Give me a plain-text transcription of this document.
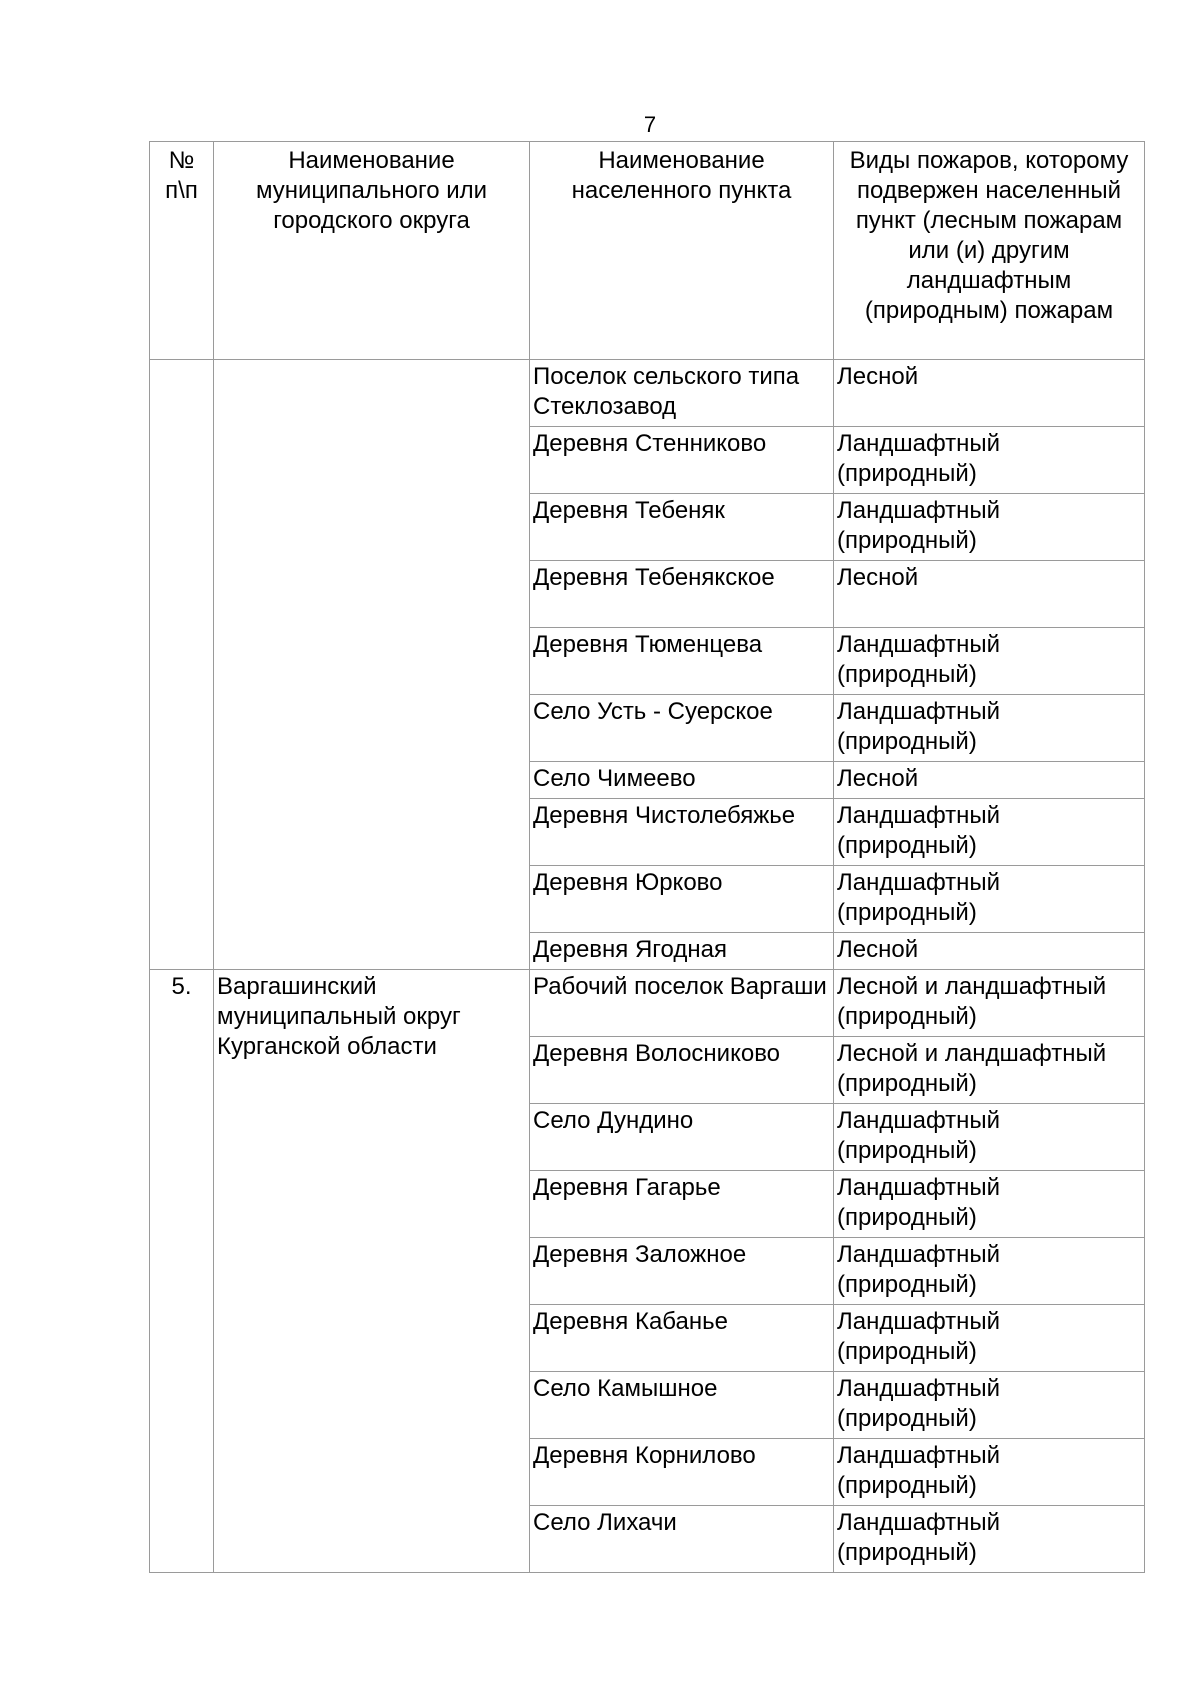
7
№ п\п	Наименование муниципального или городского округа	Наименование населенного пункта	Виды пожаров, которому подвержен населенный пункт (лесным пожарам или (и) другим ландшафтным (природным) пожарам
		Поселок сельского типа Стеклозавод	Лесной
		Деревня Стенниково	Ландшафтный (природный)
		Деревня Тебеняк	Ландшафтный (природный)
		Деревня Тебенякское	Лесной
		Деревня Тюменцева	Ландшафтный (природный)
		Село Усть - Суерское	Ландшафтный (природный)
		Село Чимеево	Лесной
		Деревня Чистолебяжье	Ландшафтный (природный)
		Деревня Юрково	Ландшафтный (природный)
		Деревня Ягодная	Лесной
5.	Варгашинский муниципальный округ Курганской области	Рабочий поселок Варгаши	Лесной и ландшафтный (природный)
		Деревня Волосниково	Лесной и ландшафтный (природный)
		Село Дундино	Ландшафтный (природный)
		Деревня Гагарье	Ландшафтный (природный)
		Деревня Заложное	Ландшафтный (природный)
		Деревня Кабанье	Ландшафтный (природный)
		Село Камышное	Ландшафтный (природный)
		Деревня Корнилово	Ландшафтный (природный)
		Село Лихачи	Ландшафтный (природный)
